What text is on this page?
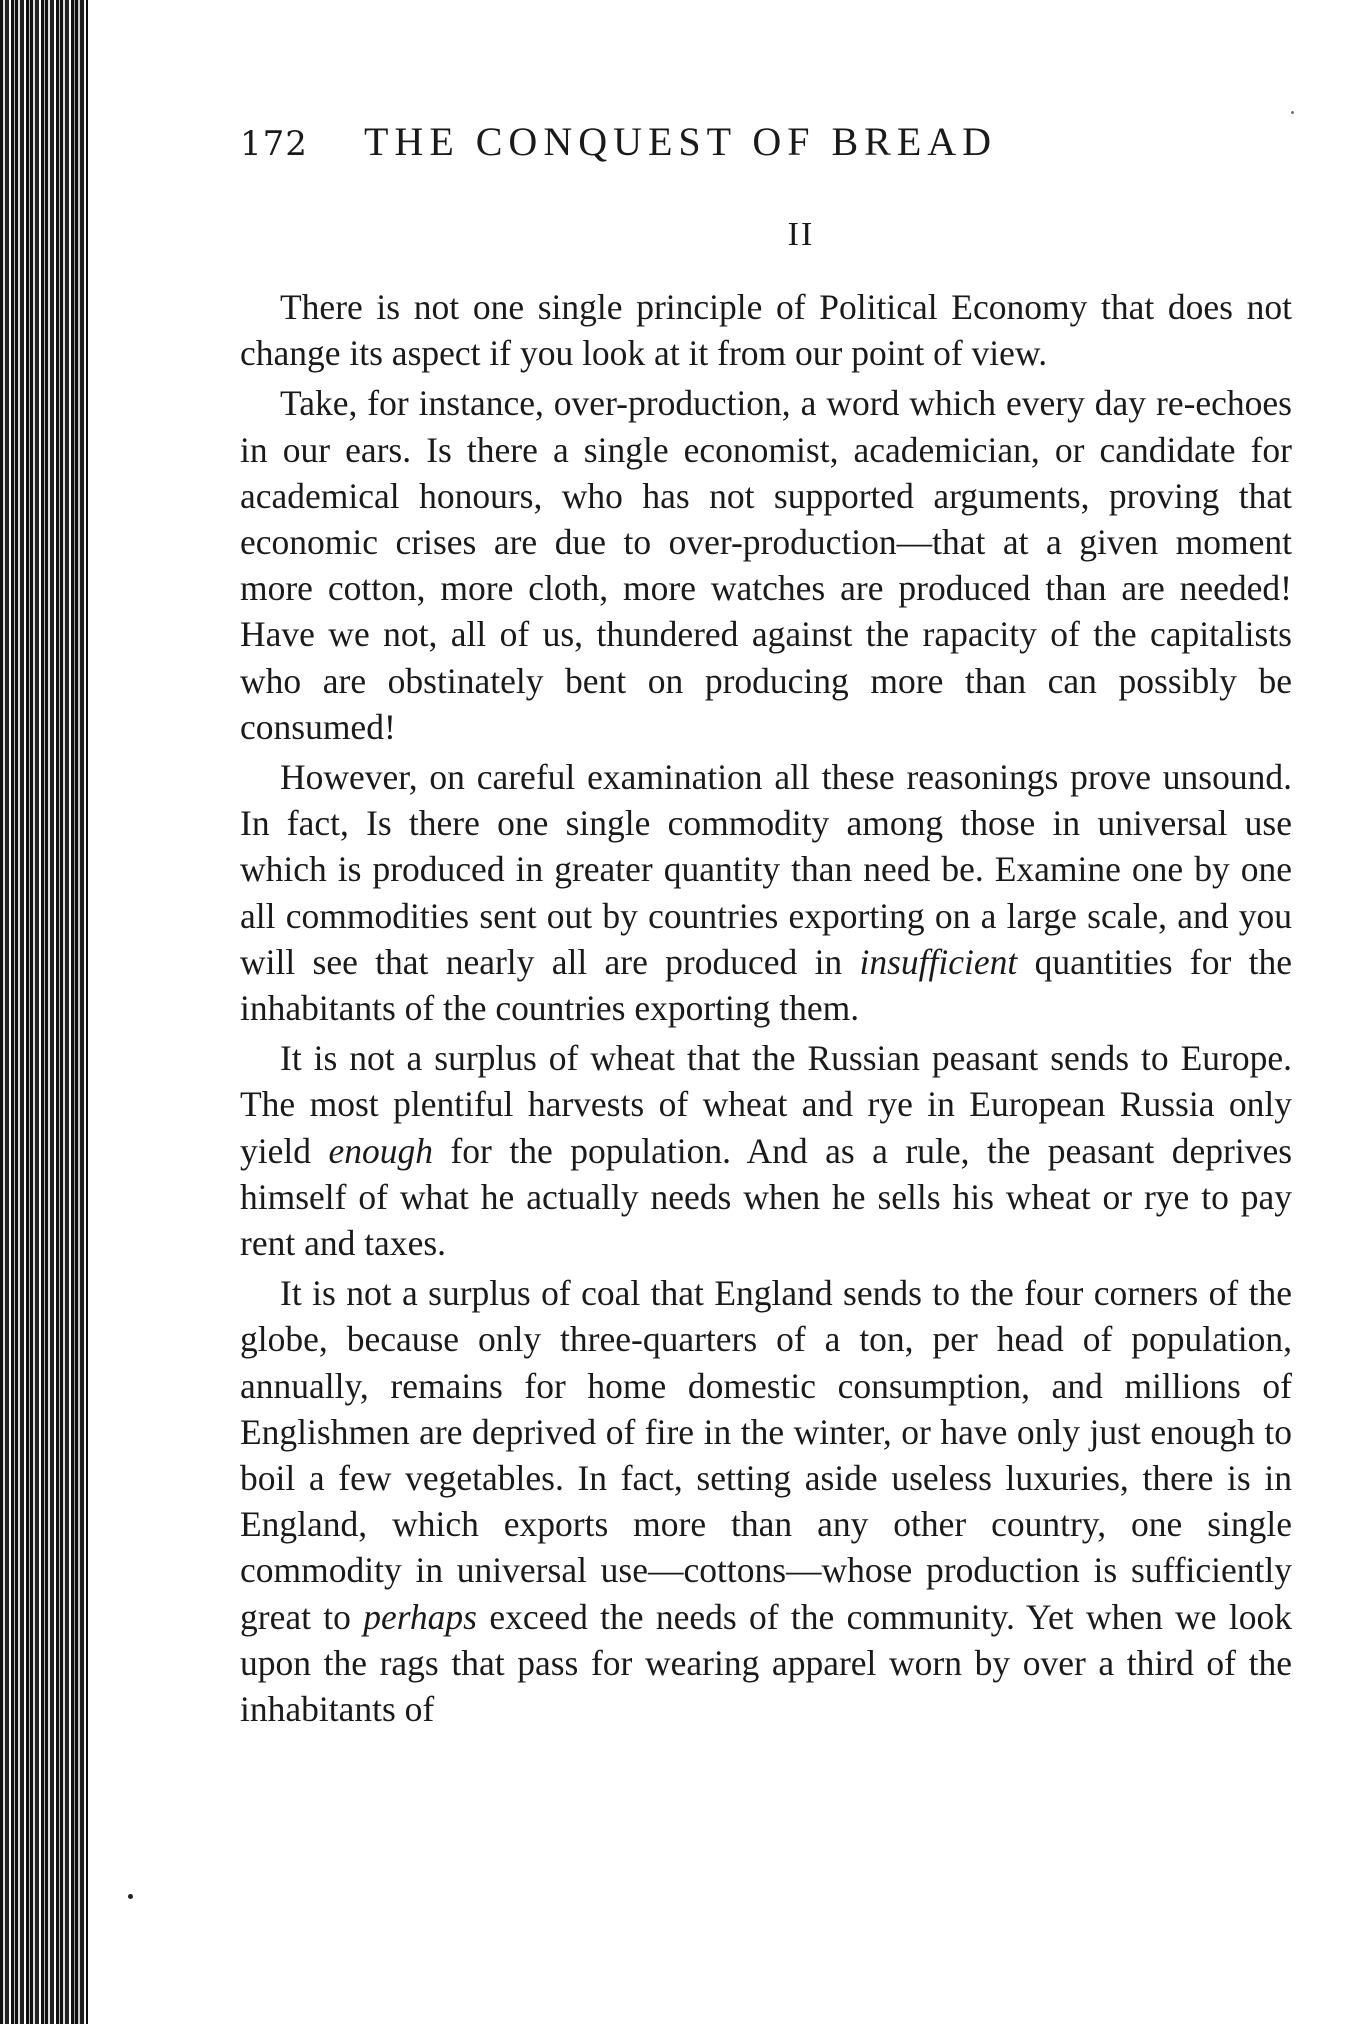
172	THE CONQUEST OF BREAD
II

There is not one single principle of Political Economy that does not change its aspect if you look at it from our point of view.

Take, for instance, over-production, a word which every day re-echoes in our ears. Is there a single economist, academician, or candidate for academical honours, who has not supported arguments, proving that economic crises are due to over-production—that at a given moment more cotton, more cloth, more watches are produced than are needed! Have we not, all of us, thundered against the rapacity of the capitalists who are obstinately bent on producing more than can possibly be consumed!

However, on careful examination all these reasonings prove unsound. In fact, Is there one single commodity among those in universal use which is produced in greater quantity than need be. Examine one by one all commodities sent out by countries exporting on a large scale, and you will see that nearly all are produced in insufficient quantities for the inhabitants of the countries exporting them.

It is not a surplus of wheat that the Russian peasant sends to Europe. The most plentiful harvests of wheat and rye in European Russia only yield enough for the population. And as a rule, the peasant deprives himself of what he actually needs when he sells his wheat or rye to pay rent and taxes.

It is not a surplus of coal that England sends to the four corners of the globe, because only three-quarters of a ton, per head of population, annually, remains for home domestic consumption, and millions of Englishmen are deprived of fire in the winter, or have only just enough to boil a few vegetables. In fact, setting aside useless luxuries, there is in England, which exports more than any other country, one single commodity in universal use—cottons—whose production is sufficiently great to perhaps exceed the needs of the community. Yet when we look upon the rags that pass for wearing apparel worn by over a third of the inhabitants of
